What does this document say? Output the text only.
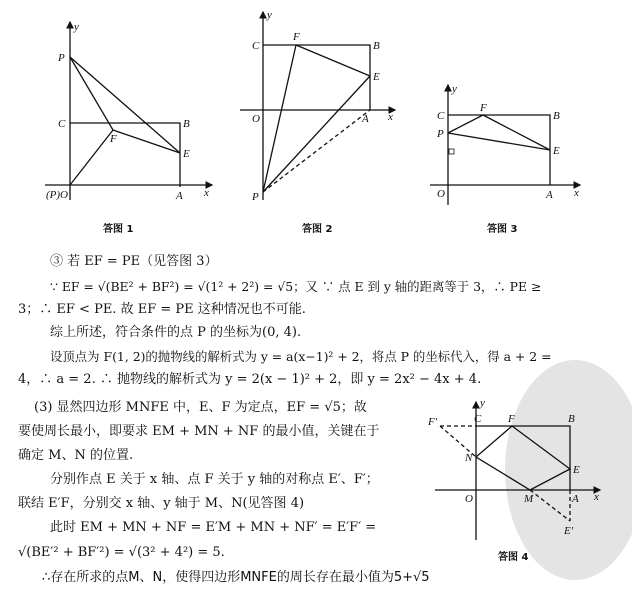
y
x
P
C
F
B
E
(P)O	A
答图 1
y
x
C
F
B
E
O	A
P
答图 2
y
x
C
F
B
P
E
O	A
答图 3
y
x
C F	B
F′
N
E
O	M	A
E′
答图 4
③ 若 EF = PE（见答图 3）
∵ EF = √(BE² + BF²) = √(1² + 2²) = √5；又 ∵ 点 E 到 y 轴的距离等于 3，∴ PE ≥
3；∴ EF < PE. 故 EF = PE 这种情况也不可能.
综上所述，符合条件的点 P 的坐标为(0, 4).
设顶点为 F(1, 2)的抛物线的解析式为 y = a(x−1)² + 2，将点 P 的坐标代入，得 a + 2 =
4，∴ a = 2. ∴ 抛物线的解析式为 y = 2(x − 1)² + 2，即 y = 2x² − 4x + 4.
(3) 显然四边形 MNFE 中，E、F 为定点，EF = √5；故
要使周长最小，即要求 EM + MN + NF 的最小值，关键在于
确定 M、N 的位置.
分别作点 E 关于 x 轴、点 F 关于 y 轴的对称点 E′、F′；
联结 E′F，分别交 x 轴、y 轴于 M、N(见答图 4)
此时 EM + MN + NF = E′M + MN + NF′ = E′F′ =
√(BE′² + BF′²) = √(3² + 4²) = 5.
∴存在所求的点M、N，使得四边形MNFE的周长存在最小值为5+√5
